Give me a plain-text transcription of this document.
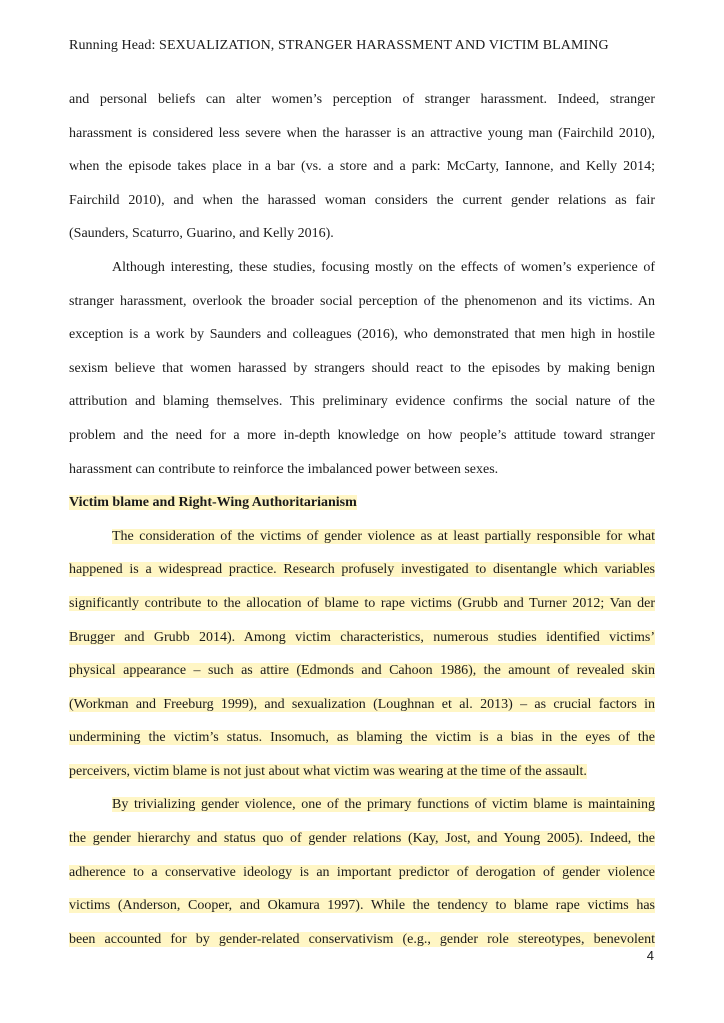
Running Head: SEXUALIZATION, STRANGER HARASSMENT AND VICTIM BLAMING
and personal beliefs can alter women’s perception of stranger harassment. Indeed, stranger
harassment is considered less severe when the harasser is an attractive young man (Fairchild 2010),
when the episode takes place in a bar (vs. a store and a park: McCarty, Iannone, and Kelly 2014;
Fairchild 2010), and when the harassed woman considers the current gender relations as fair
(Saunders, Scaturro, Guarino, and Kelly 2016).
Although interesting, these studies, focusing mostly on the effects of women’s experience of
stranger harassment, overlook the broader social perception of the phenomenon and its victims. An
exception is a work by Saunders and colleagues (2016), who demonstrated that men high in hostile
sexism believe that women harassed by strangers should react to the episodes by making benign
attribution and blaming themselves. This preliminary evidence confirms the social nature of the
problem and the need for a more in-depth knowledge on how people’s attitude toward stranger
harassment can contribute to reinforce the imbalanced power between sexes.
Victim blame and Right-Wing Authoritarianism
The consideration of the victims of gender violence as at least partially responsible for what
happened is a widespread practice. Research profusely investigated to disentangle which variables
significantly contribute to the allocation of blame to rape victims (Grubb and Turner 2012; Van der
Brugger and Grubb 2014). Among victim characteristics, numerous studies identified victims’
physical appearance – such as attire (Edmonds and Cahoon 1986), the amount of revealed skin
(Workman and Freeburg 1999), and sexualization (Loughnan et al. 2013) – as crucial factors in
undermining the victim’s status. Insomuch, as blaming the victim is a bias in the eyes of the
perceivers, victim blame is not just about what victim was wearing at the time of the assault.
By trivializing gender violence, one of the primary functions of victim blame is maintaining
the gender hierarchy and status quo of gender relations (Kay, Jost, and Young 2005). Indeed, the
adherence to a conservative ideology is an important predictor of derogation of gender violence
victims (Anderson, Cooper, and Okamura 1997). While the tendency to blame rape victims has
been accounted for by gender-related conservativism (e.g., gender role stereotypes, benevolent
4
